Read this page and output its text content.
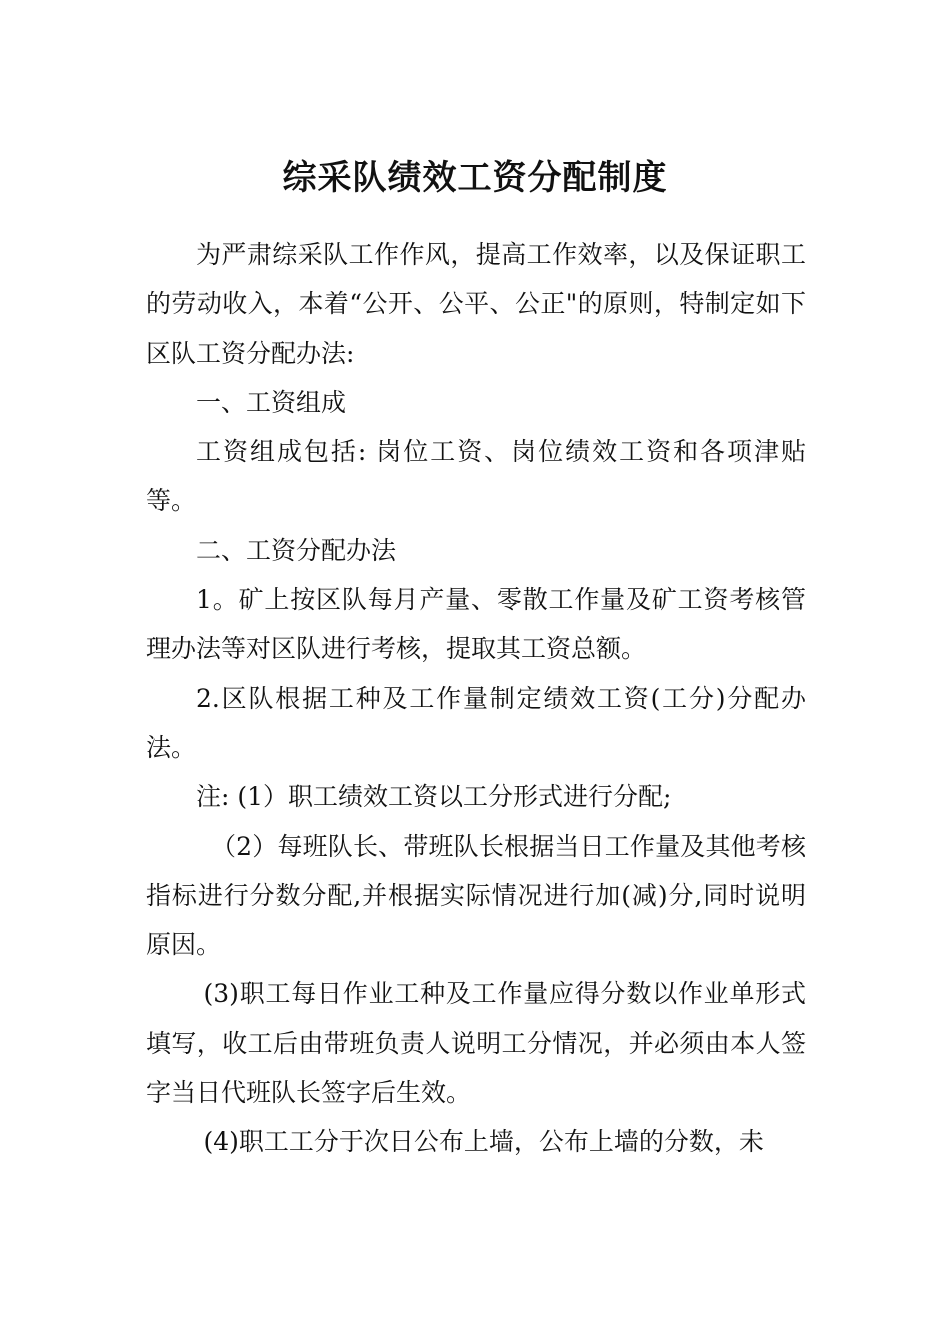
综采队绩效工资分配制度

为严肃综采队工作作风，提高工作效率，以及保证职工的劳动收入，本着“公开、公平、公正"的原则，特制定如下区队工资分配办法:

一、工资组成

工资组成包括: 岗位工资、岗位绩效工资和各项津贴等。

二、工资分配办法

1。矿上按区队每月产量、零散工作量及矿工资考核管理办法等对区队进行考核，提取其工资总额。

2.区队根据工种及工作量制定绩效工资(工分)分配办法。

注: (1）职工绩效工资以工分形式进行分配;

（2）每班队长、带班队长根据当日工作量及其他考核指标进行分数分配,并根据实际情况进行加(减)分,同时说明原因。

(3)职工每日作业工种及工作量应得分数以作业单形式填写，收工后由带班负责人说明工分情况，并必须由本人签字当日代班队长签字后生效。

(4)职工工分于次日公布上墙，公布上墙的分数，未
